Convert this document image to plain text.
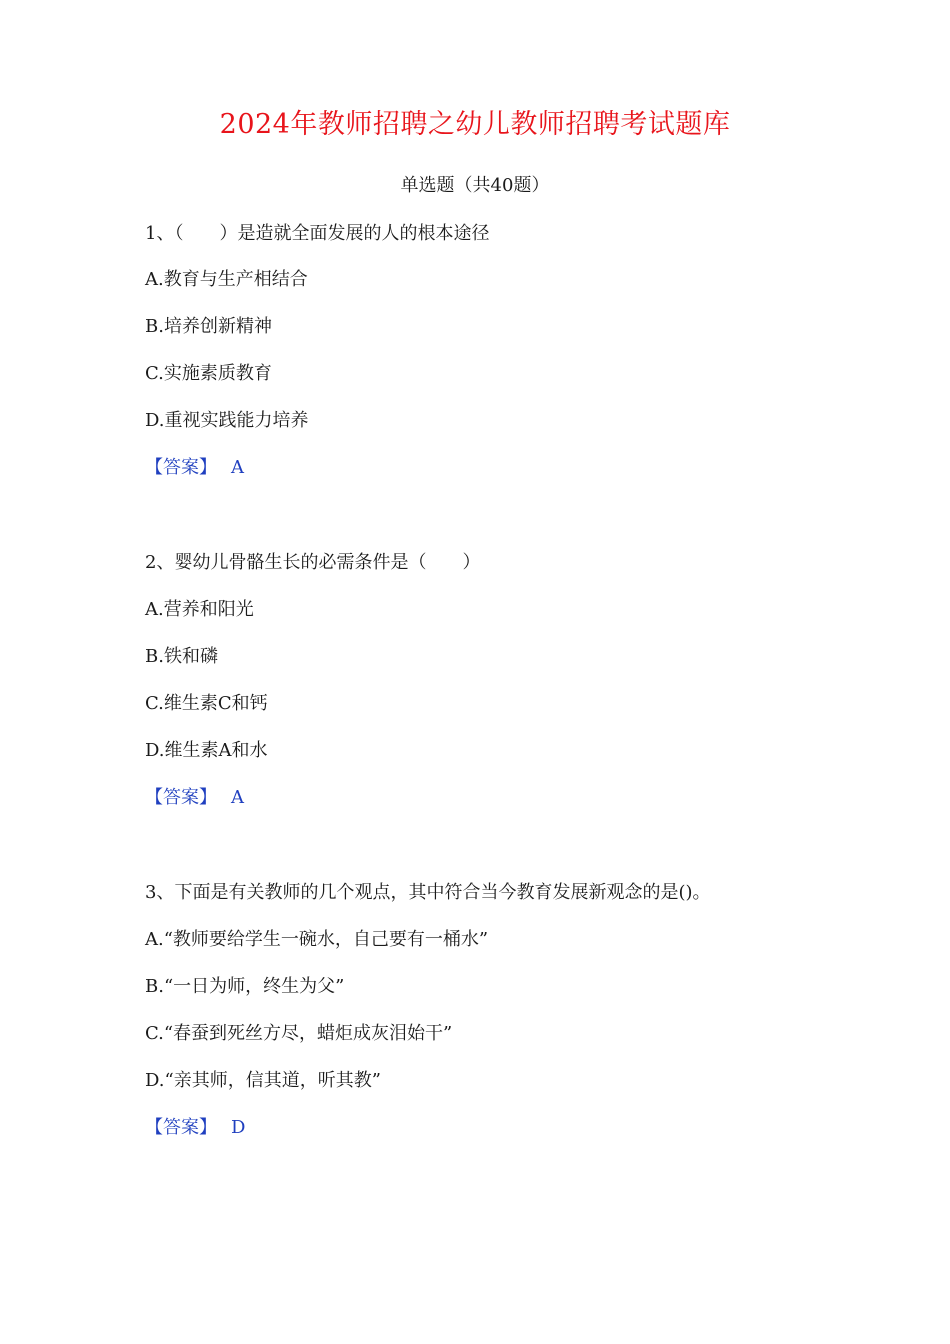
2024年教师招聘之幼儿教师招聘考试题库
单选题（共40题）
1、（　　）是造就全面发展的人的根本途径
A.教育与生产相结合
B.培养创新精神
C.实施素质教育
D.重视实践能力培养
【答案】 A
2、婴幼儿骨骼生长的必需条件是（　　）
A.营养和阳光
B.铁和磷
C.维生素C和钙
D.维生素A和水
【答案】 A
3、下面是有关教师的几个观点，其中符合当今教育发展新观念的是()。
A.“教师要给学生一碗水，自己要有一桶水”
B.“一日为师，终生为父”
C.“春蚕到死丝方尽，蜡炬成灰泪始干”
D.“亲其师，信其道，听其教”
【答案】 D
